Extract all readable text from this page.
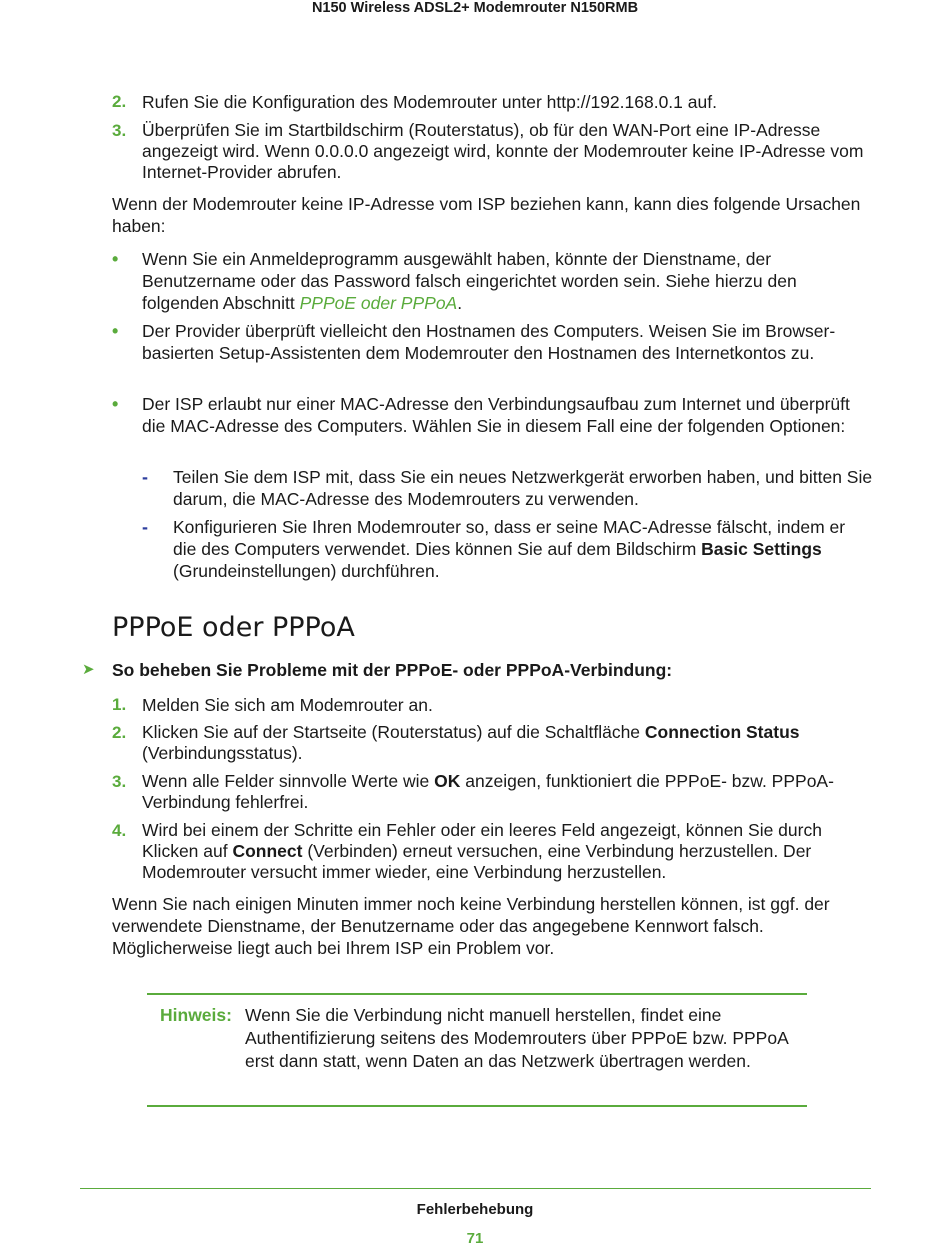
N150 Wireless ADSL2+ Modemrouter N150RMB
2. Rufen Sie die Konfiguration des Modemrouter unter http://192.168.0.1 auf.
3. Überprüfen Sie im Startbildschirm (Routerstatus), ob für den WAN-Port eine IP-Adresse angezeigt wird. Wenn 0.0.0.0 angezeigt wird, konnte der Modemrouter keine IP-Adresse vom Internet-Provider abrufen.
Wenn der Modemrouter keine IP-Adresse vom ISP beziehen kann, kann dies folgende Ursachen haben:
• Wenn Sie ein Anmeldeprogramm ausgewählt haben, könnte der Dienstname, der Benutzername oder das Password falsch eingerichtet worden sein. Siehe hierzu den folgenden Abschnitt PPPoE oder PPPoA.
• Der Provider überprüft vielleicht den Hostnamen des Computers. Weisen Sie im Browser-basierten Setup-Assistenten dem Modemrouter den Hostnamen des Internetkontos zu.
• Der ISP erlaubt nur einer MAC-Adresse den Verbindungsaufbau zum Internet und überprüft die MAC-Adresse des Computers. Wählen Sie in diesem Fall eine der folgenden Optionen:
- Teilen Sie dem ISP mit, dass Sie ein neues Netzwerkgerät erworben haben, und bitten Sie darum, die MAC-Adresse des Modemrouters zu verwenden.
- Konfigurieren Sie Ihren Modemrouter so, dass er seine MAC-Adresse fälscht, indem er die des Computers verwendet. Dies können Sie auf dem Bildschirm Basic Settings (Grundeinstellungen) durchführen.
PPPoE oder PPPoA
➤ So beheben Sie Probleme mit der PPPoE- oder PPPoA-Verbindung:
1. Melden Sie sich am Modemrouter an.
2. Klicken Sie auf der Startseite (Routerstatus) auf die Schaltfläche Connection Status (Verbindungsstatus).
3. Wenn alle Felder sinnvolle Werte wie OK anzeigen, funktioniert die PPPoE- bzw. PPPoA-Verbindung fehlerfrei.
4. Wird bei einem der Schritte ein Fehler oder ein leeres Feld angezeigt, können Sie durch Klicken auf Connect (Verbinden) erneut versuchen, eine Verbindung herzustellen. Der Modemrouter versucht immer wieder, eine Verbindung herzustellen.
Wenn Sie nach einigen Minuten immer noch keine Verbindung herstellen können, ist ggf. der verwendete Dienstname, der Benutzername oder das angegebene Kennwort falsch. Möglicherweise liegt auch bei Ihrem ISP ein Problem vor.
Hinweis: Wenn Sie die Verbindung nicht manuell herstellen, findet eine Authentifizierung seitens des Modemrouters über PPPoE bzw. PPPoA erst dann statt, wenn Daten an das Netzwerk übertragen werden.
Fehlerbehebung
71
